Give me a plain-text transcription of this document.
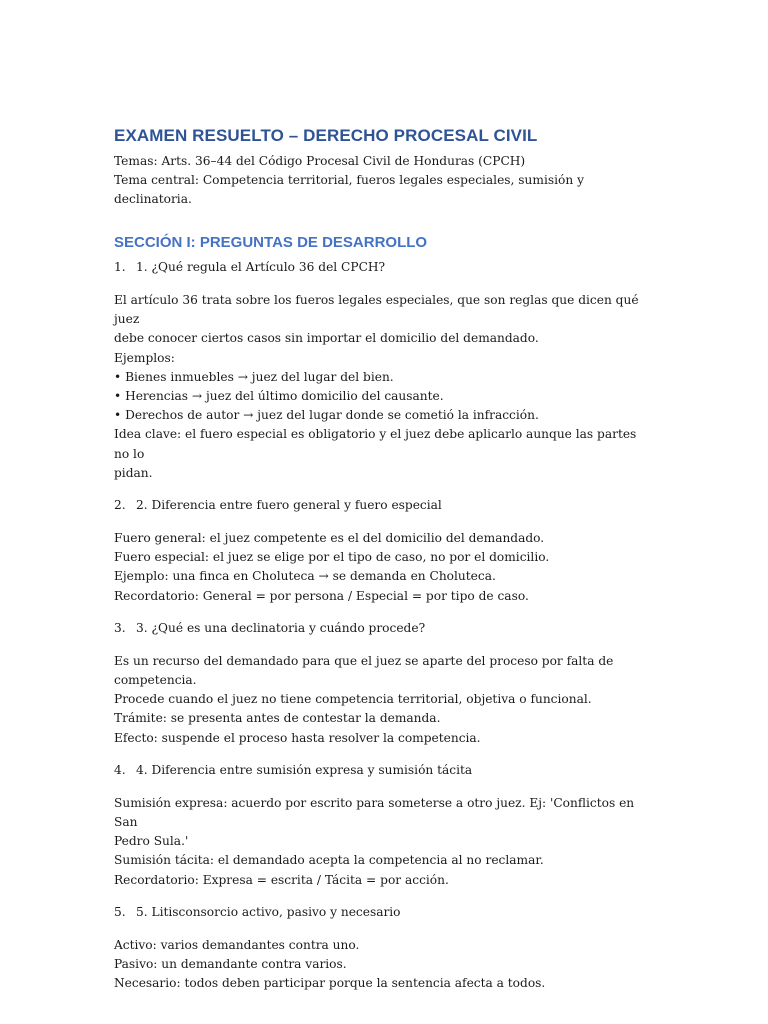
EXAMEN RESUELTO – DERECHO PROCESAL CIVIL

Temas: Arts. 36–44 del Código Procesal Civil de Honduras (CPCH)

Tema central: Competencia territorial, fueros legales especiales, sumisión y declinatoria.

SECCIÓN I: PREGUNTAS DE DESARROLLO
1. 1. ¿Qué regula el Artículo 36 del CPCH?

El artículo 36 trata sobre los fueros legales especiales, que son reglas que dicen qué juez

debe conocer ciertos casos sin importar el domicilio del demandado.

Ejemplos:

• Bienes inmuebles → juez del lugar del bien.

• Herencias → juez del último domicilio del causante.

• Derechos de autor → juez del lugar donde se cometió la infracción.

Idea clave: el fuero especial es obligatorio y el juez debe aplicarlo aunque las partes no lo

pidan.

2. 2. Diferencia entre fuero general y fuero especial

Fuero general: el juez competente es el del domicilio del demandado.

Fuero especial: el juez se elige por el tipo de caso, no por el domicilio.

Ejemplo: una finca en Choluteca → se demanda en Choluteca.

Recordatorio: General = por persona / Especial = por tipo de caso.

3. 3. ¿Qué es una declinatoria y cuándo procede?

Es un recurso del demandado para que el juez se aparte del proceso por falta de

competencia.

Procede cuando el juez no tiene competencia territorial, objetiva o funcional.

Trámite: se presenta antes de contestar la demanda.

Efecto: suspende el proceso hasta resolver la competencia.

4. 4. Diferencia entre sumisión expresa y sumisión tácita

Sumisión expresa: acuerdo por escrito para someterse a otro juez. Ej: 'Conflictos en San

Pedro Sula.'

Sumisión tácita: el demandado acepta la competencia al no reclamar.

Recordatorio: Expresa = escrita / Tácita = por acción.

5. 5. Litisconsorcio activo, pasivo y necesario

Activo: varios demandantes contra uno.

Pasivo: un demandante contra varios.

Necesario: todos deben participar porque la sentencia afecta a todos.
